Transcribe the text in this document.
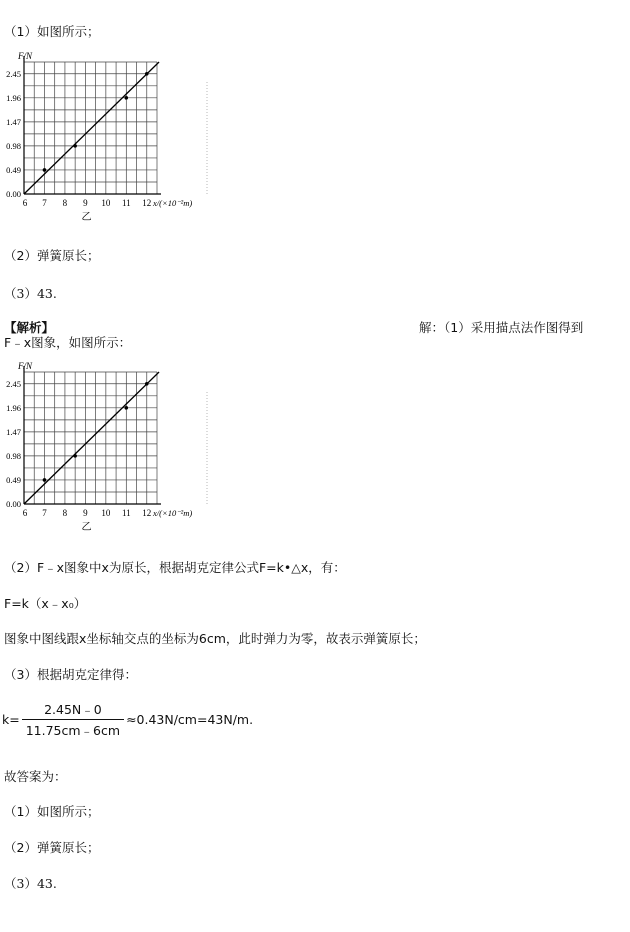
（1）如图所示；
0.49
0.98
1.47
1.96
2.45
0.00
6 7 8 9 10 11 12
F/N
x/(×10⁻²m)
乙
（2）弹簧原长；
（3）43.
【解析】	解：（1）采用描点法作图得到
F﹣x图象，如图所示：
0.49
0.98
1.47
1.96
2.45
0.00
6 7 8 9 10 11 12
F/N
x/(×10⁻²m)
乙
（2）F﹣x图象中x为原长，根据胡克定律公式F=k•△x，有：
F=k（x﹣x₀）
图象中图线跟x坐标轴交点的坐标为6cm，此时弹力为零，故表示弹簧原长；
（3）根据胡克定律得：
$k= \frac{2.45N﹣0}{11.75cm﹣6cm} \approx 0.43N/cm=43N/m$.
故答案为：
（1）如图所示；
（2）弹簧原长；
（3）43.
